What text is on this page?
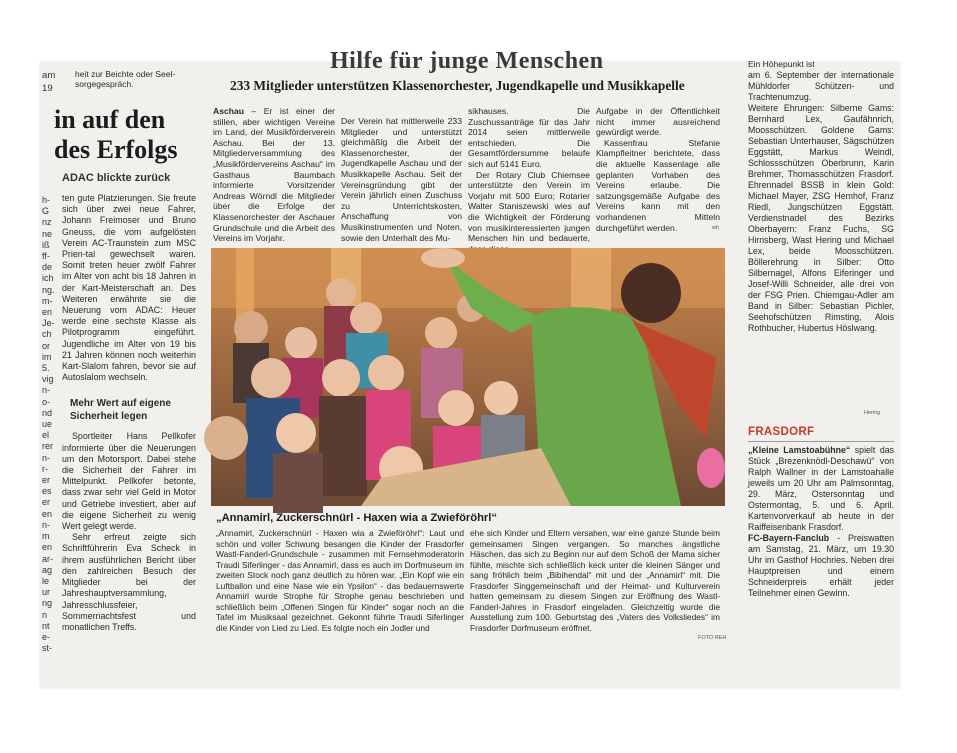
heit zur Beichte oder Seel-
sorgegespräch.
Hilfe für junge Menschen	Ein Höhepunkt ist
am
19
h-
G
nz
ne
iß
ff-
de
ich
ng.
m-
en
Je-
ch
or
im
5.
vig
n-
o-
nd
ue
el
rer
n-
r-
er
es
er
en
n-
m
en
ar-
ag
le
ur
ng
n
nt
e-
st-
in auf den
des Erfolgs
ADAC blickte zurück

ten gute Platzierungen. Sie freute sich über zwei neue Fahrer, Johann Freimoser und Bruno Gneuss, die vom aufgelösten Verein AC-Traunstein zum MSC Prien-tal gewechselt waren. Somit treten heuer zwölf Fahrer im Alter von acht bis 18 Jahren in der Kart-Meisterschaft an. Des Weiteren erwähnte sie die Neuerung vom ADAC: Heuer werde eine sechste Klasse als Pilotprogramm eingeführt. Jugendliche im Alter von 19 bis 21 Jahren können noch weiterhin Kart-Slalom fahren, bevor sie auf Autoslalom wechseln.

Mehr Wert auf eigene Sicherheit legen

Sportleiter Hans Pellkofer informierte über die Neuerungen um den Motorsport. Dabei stehe die Sicherheit der Fahrer im Mittelpunkt. Pellkofer betonte, dass zwar sehr viel Geld in Motor und Getriebe investiert, aber auf die eigene Sicherheit zu wenig Wert gelegt werde.

Sehr erfreut zeigte sich Schriftführerin Eva Scheck in ihrem ausführlichen Bericht über den zahlreichen Besuch der Mitglieder bei der Jahreshauptversammlung, Jahresschlussfeier, Sommernachtsfest und monatlichen Treffs.

233 Mitglieder unterstützen Klassenorchester, Jugendkapelle und Musikkapelle
Aschau – Er ist einer der stillen, aber wichtigen Vereine im Land, der Musikförderverein Aschau. Bei der 13. Mitgliederversammlung des „Musikfördervereins Aschau“ im Gasthaus Baumbach informierte Vorsitzender Andreas Wörndl die Mitglieder über die Erfolge der Klassenorchester der Aschauer Grundschule und die Arbeit des Vereins im Vorjahr.
Der Verein hat mittlerweile 233 Mitglieder und unterstützt gleichmäßig die Arbeit der Klassenorchester, der Jugendkapelle Aschau und der Musikkapelle Aschau. Seit der Vereinsgründung gibt der Verein jährlich einen Zuschuss zu Unterrichtskosten, Anschaffung von Musikinstrumenten und Noten, sowie den Unterhalt des Mu-

sikhauses. Die Zuschussanträge für das Jahr 2014 seien mittlerweile entschieden. Die Gesamtfördersumme belaufe sich auf 5141 Euro.

Der Rotary Club Chiemsee unterstützte den Verein im Vorjahr mit 500 Euro; Rotarier Walter Staniszewski wies auf die Wichtigkeit der Förderung von musikinteressierten jungen Menschen hin und bedauerte,

Aufgabe in der Öffentlichkeit nicht immer ausreichend gewürdigt werde.

Kassenfrau Stefanie Klampfleitner berichtete, dass die aktuelle Kassenlage alle geplanten Vorhaben des Vereins erlaube. Die satzungsgemäße Aufgabe des Vereins kann mit den vorhandenen Mitteln durchgeführt werden.	wh
„Annamirl, Zuckerschnürl - Haxen wia a Zwieföröhrl“
„Annamirl, Zuckerschnürl - Haxen wia a Zwieföröhrl“: Laut und schön und voller Schwung besangen die Kinder der Frasdorfer Wastl-Fanderl-Grundschule - zusammen mit Fernsehmoderatorin Traudi Siferlinger - das Annamirl, dass es auch im Dorfmuseum im zweiten Stock noch ganz deutlich zu hören war. „Ein Kopf wie ein Luftballon und eine Nase wie ein Ypsilon“ - das bedauernswerte Annamirl wurde Strophe für Strophe genau beschrieben und schließlich beim „Offenen Singen für Kinder“ sogar noch an die Tafel im Musiksaal gezeichnet. Gekonnt führte Traudi Siferlinger die Kinder von Lied zu Lied. Es folgte noch ein Jodler und
ehe sich Kinder und Eltern versahen, war eine ganze Stunde beim gemeinsamen Singen vergangen. So manches ängstliche Häschen, das sich zu Beginn nur auf dem Schoß der Mama sicher fühlte, mischte sich schließlich keck unter die kleinen Sänger und sang fröhlich beim „Bibihendal“ mit und der „Annamirl“ mit. Die Frasdorfer Singgemeinschaft und der Heimat- und Kulturverein hatten gemeinsam zu diesem Singen zur Eröffnung des Wastl-Fanderl-Jahres in Frasdorf eingeladen. Gleichzeitig wurde die Ausstellung zum 100. Geburtstag des „Vaters des Volksliedes“ im Frasdorfer Dorfmuseum eröffnet.
FOTO REH

am 6. September der internationale Mühldorfer Schützen- und Trachtenumzug.

Weitere Ehrungen: Silberne Gams: Bernhard Lex, Gaufähnrich, Moosschützen. Goldene Gams: Sebastian Unterhauser, Sägschützen Eggstätt, Markus Weindl, Schlossschützen Oberbrunn, Karin Brehmer, Thomasschützen Frasdorf. Ehrennadel BSSB in klein Gold: Michael Mayer, ZSG Hemhof, Franz Riedl, Jungschützen Eggstätt. Verdienstnadel des Bezirks Oberbayern: Franz Fuchs, SG Hirnsberg, Wast Hering und Michael Lex, beide Moosschützen. Böllerehrung in Silber: Otto Silbernagel, Alfons Eiferinger und Josef-Willi Schneider, alle drei von der FSG Prien. Chiemgau-Adler am Band in Silber: Sebastian Pichler, Seehofschützen Rimsting, Alois Rothbucher, Hubertus Höslwang.

Hering
FRASDORF

„Kleine Lamstoabühne“ spielt das Stück „Brezenknödl-Deschawü“ von Ralph Wallner in der Lamstoahalle jeweils um 20 Uhr am Palmsonntag, 29. März, Ostersonntag und Ostermontag, 5. und 6. April. Kartenvorverkauf ab heute in der Raiffeisenbank Frasdorf.

FC-Bayern-Fanclub - Preiswatten am Samstag, 21. März, um 19.30 Uhr im Gasthof Hochries. Neben drei Hauptpreisen und einem Schneiderpreis erhält jeder Teilnehmer einen Gewinn.
